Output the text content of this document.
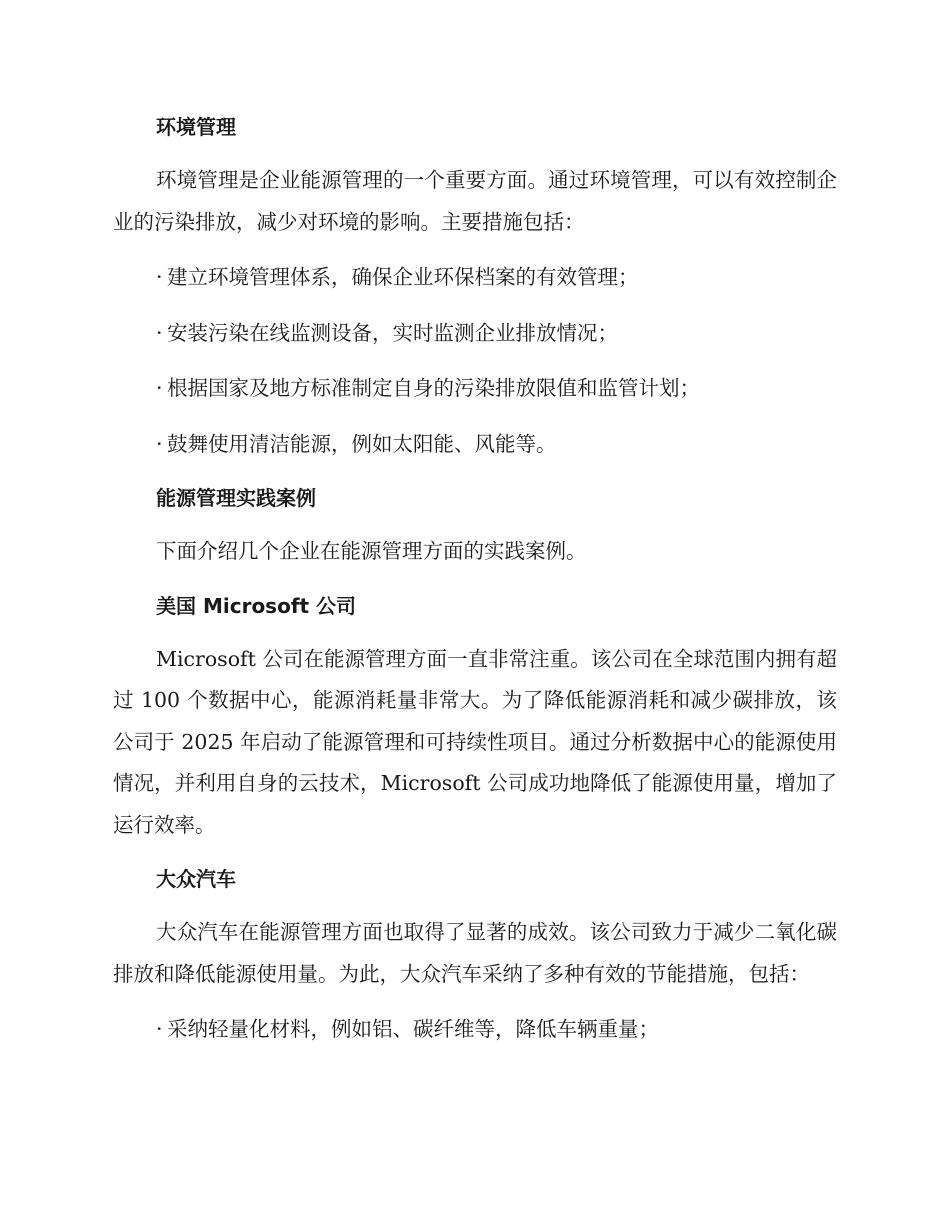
环境管理

环境管理是企业能源管理的一个重要方面。通过环境管理，可以有效控制企业的污染排放，减少对环境的影响。主要措施包括：

· 建立环境管理体系，确保企业环保档案的有效管理；
· 安装污染在线监测设备，实时监测企业排放情况；
· 根据国家及地方标准制定自身的污染排放限值和监管计划；
· 鼓舞使用清洁能源，例如太阳能、风能等。
能源管理实践案例

下面介绍几个企业在能源管理方面的实践案例。

美国 Microsoft 公司

Microsoft 公司在能源管理方面一直非常注重。该公司在全球范围内拥有超过 100 个数据中心，能源消耗量非常大。为了降低能源消耗和减少碳排放，该公司于 2025 年启动了能源管理和可持续性项目。通过分析数据中心的能源使用情况，并利用自身的云技术，Microsoft 公司成功地降低了能源使用量，增加了运行效率。

大众汽车

大众汽车在能源管理方面也取得了显著的成效。该公司致力于减少二氧化碳排放和降低能源使用量。为此，大众汽车采纳了多种有效的节能措施，包括：

· 采纳轻量化材料，例如铝、碳纤维等，降低车辆重量；
